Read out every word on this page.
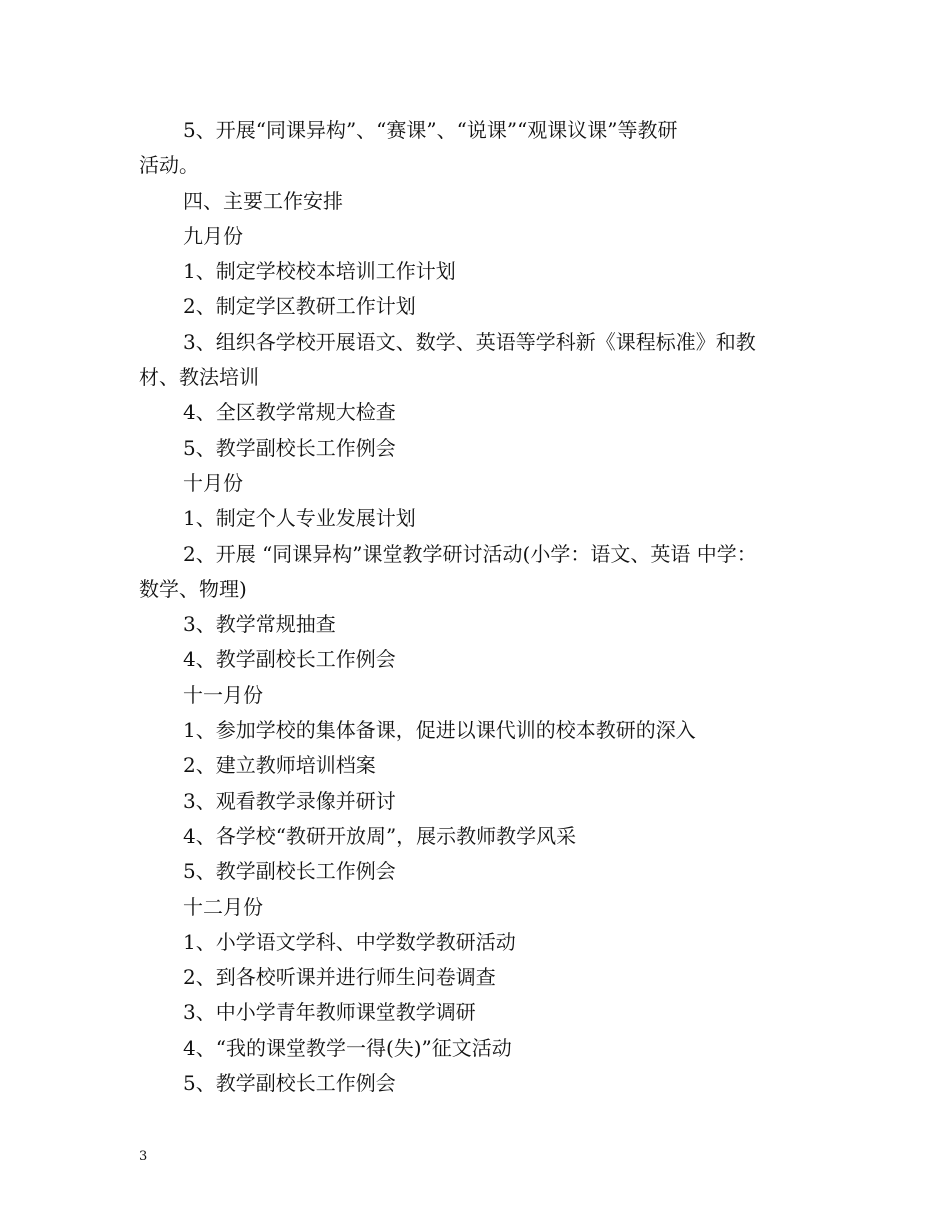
5、开展“同课异构”、“赛课”、“说课”“观课议课”等教研
活动。
四、主要工作安排
九月份
1、制定学校校本培训工作计划
2、制定学区教研工作计划
3、组织各学校开展语文、数学、英语等学科新《课程标准》和教
材、教法培训
4、全区教学常规大检查
5、教学副校长工作例会
十月份
1、制定个人专业发展计划
2、开展 “同课异构”课堂教学研讨活动(小学：语文、英语 中学：
数学、物理)
3、教学常规抽查
4、教学副校长工作例会
十一月份
1、参加学校的集体备课，促进以课代训的校本教研的深入
2、建立教师培训档案
3、观看教学录像并研讨
4、各学校“教研开放周”，展示教师教学风采
5、教学副校长工作例会
十二月份
1、小学语文学科、中学数学教研活动
2、到各校听课并进行师生问卷调查
3、中小学青年教师课堂教学调研
4、“我的课堂教学一得(失)”征文活动
5、教学副校长工作例会
3
